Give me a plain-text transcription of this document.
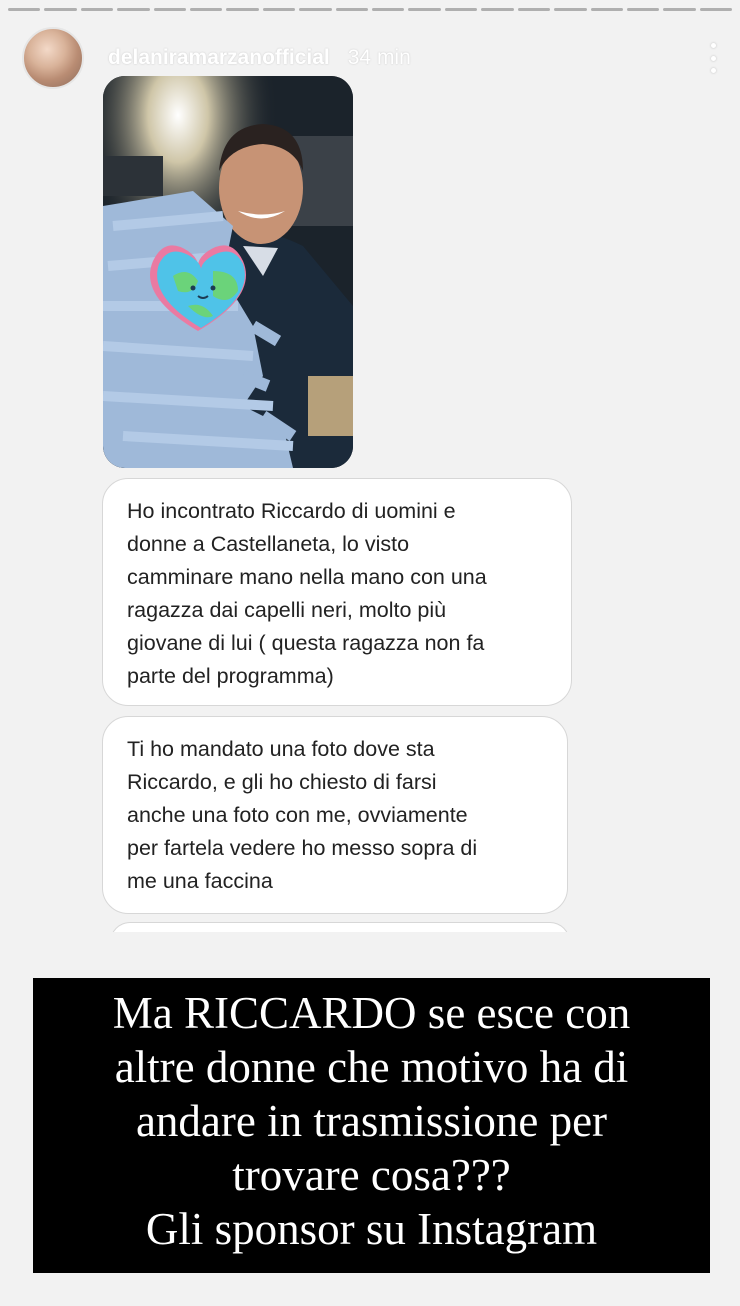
delaniramarzanofficial 34 min
Ho incontrato Riccardo di uomini e
donne a Castellaneta, lo visto
camminare mano nella mano con una
ragazza dai capelli neri, molto più
giovane di lui ( questa ragazza non fa
parte del programma)
Ti ho mandato una foto dove sta
Riccardo, e gli ho chiesto di farsi
anche una foto con me, ovviamente
per fartela vedere ho messo sopra di
me una faccina
Ma RICCARDO se esce con
altre donne che motivo ha di
andare in trasmissione per
trovare cosa???
Gli sponsor su Instagram
